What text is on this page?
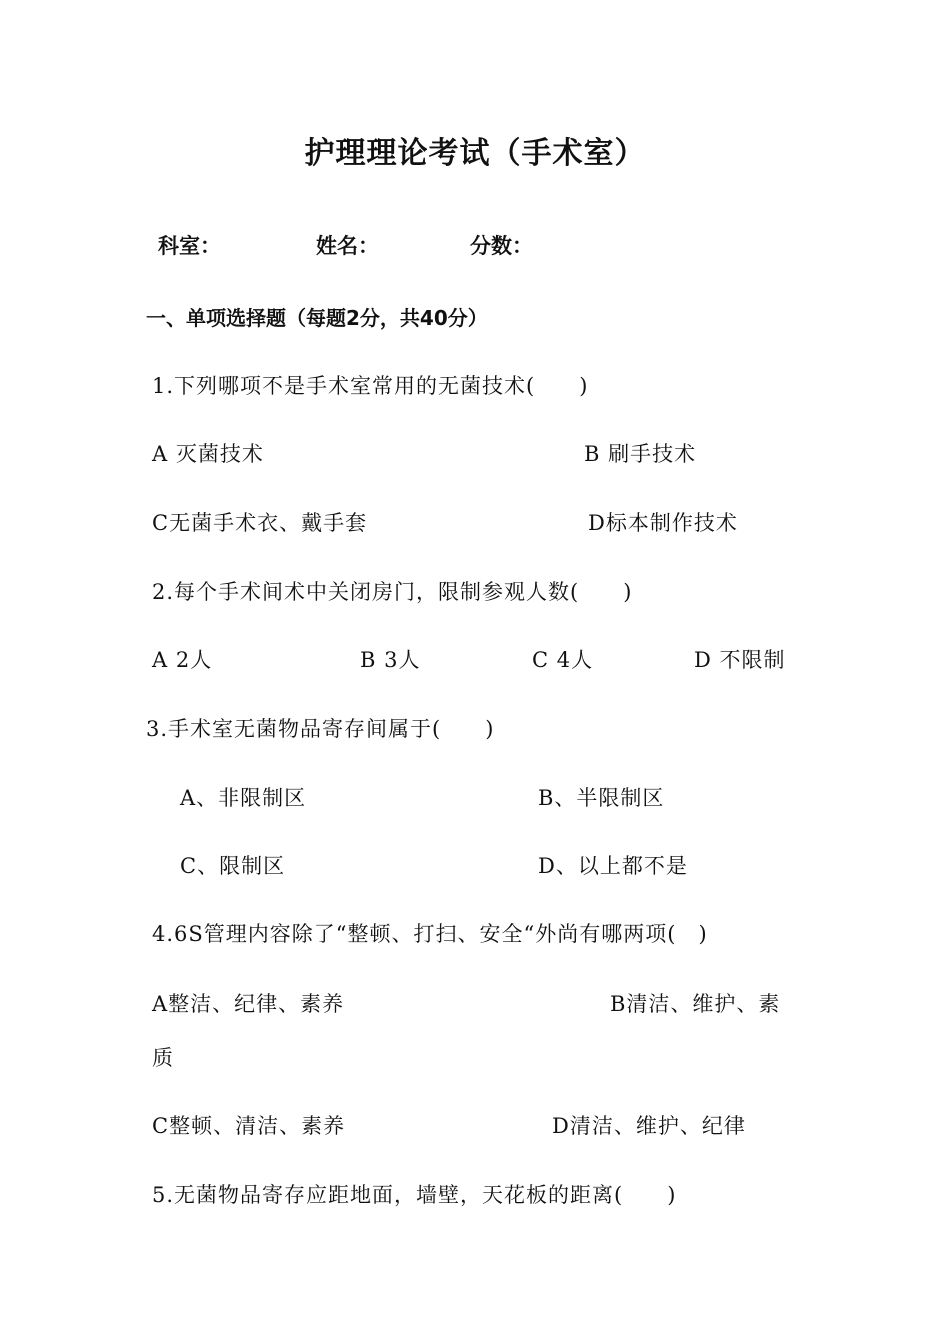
护理理论考试（手术室）
科室：	姓名：	分数：
一、单项选择题（每题2分，共40分）
1.下列哪项不是手术室常用的无菌技术(　　)
A 灭菌技术	B 刷手技术
C无菌手术衣、戴手套	D标本制作技术
2.每个手术间术中关闭房门，限制参观人数(　　)
A 2人	B 3人	C 4人	D 不限制
3.手术室无菌物品寄存间属于(　　)
A、非限制区	B、半限制区
C、限制区	D、以上都不是
4.6S管理内容除了“整顿、打扫、安全“外尚有哪两项(　)
A整洁、纪律、素养	B清洁、维护、素
质
C整顿、清洁、素养	D清洁、维护、纪律
5.无菌物品寄存应距地面，墙壁，天花板的距离(　　)
